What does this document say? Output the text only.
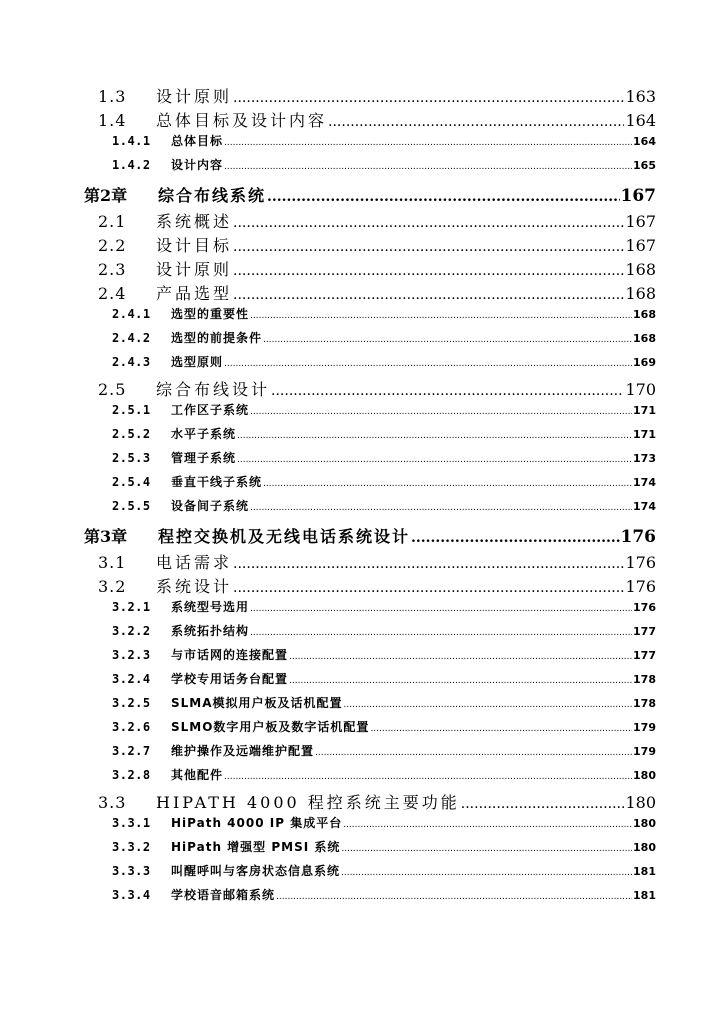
1.3	设计原则 .....	163
1.4	总体目标及设计内容 .....	164
1.4.1	总体目标 .....	164
1.4.2	设计内容 .....	165
第2章	综合布线系统 .....	167
2.1	系统概述 .....	167
2.2	设计目标 .....	167
2.3	设计原则 .....	168
2.4	产品选型 .....	168
2.4.1	选型的重要性 .....	168
2.4.2	选型的前提条件 .....	168
2.4.3	选型原则 .....	169
2.5	综合布线设计 .....	170
2.5.1	工作区子系统 .....	171
2.5.2	水平子系统 .....	171
2.5.3	管理子系统 .....	173
2.5.4	垂直干线子系统 .....	174
2.5.5	设备间子系统 .....	174
第3章	程控交换机及无线电话系统设计 .....	176
3.1	电话需求 .....	176
3.2	系统设计 .....	176
3.2.1	系统型号选用 .....	176
3.2.2	系统拓扑结构 .....	177
3.2.3	与市话网的连接配置 .....	177
3.2.4	学校专用话务台配置 .....	178
3.2.5	SLMA模拟用户板及话机配置 .....	178
3.2.6	SLMO数字用户板及数字话机配置 .....	179
3.2.7	维护操作及远端维护配置 .....	179
3.2.8	其他配件 .....	180
3.3	HIPATH 4000 程控系统主要功能 .....	180
3.3.1	HiPath 4000 IP 集成平台 .....	180
3.3.2	HiPath 增强型 PMSI 系统 .....	180
3.3.3	叫醒呼叫与客房状态信息系统 .....	181
3.3.4	学校语音邮箱系统 .....	181
